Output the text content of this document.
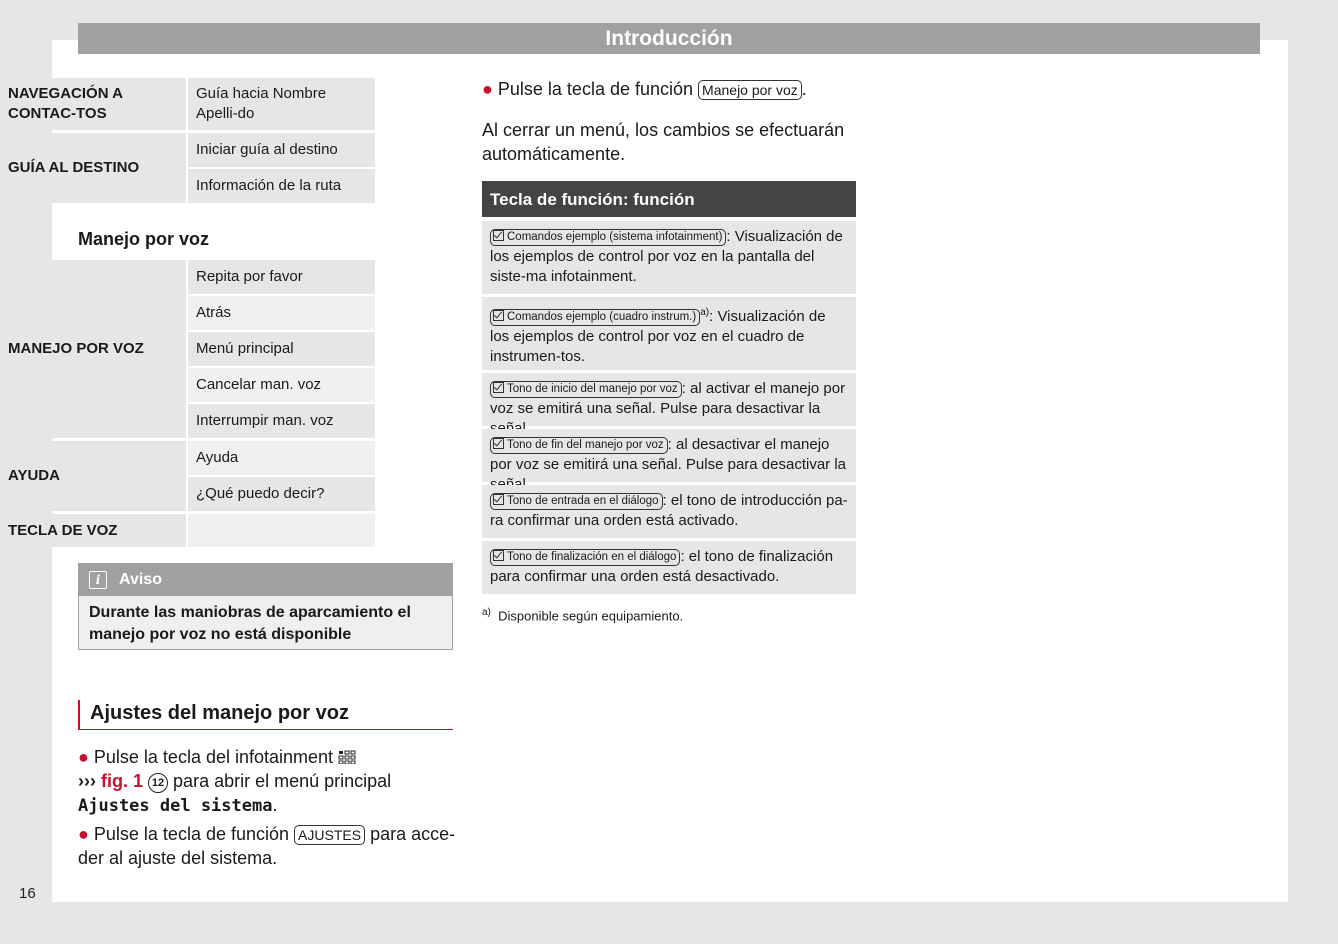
Introducción
NAVEGACIÓN A CONTAC-TOS
Guía hacia Nombre Apelli-do
GUÍA AL DESTINO
Iniciar guía al destino
Información de la ruta
Manejo por voz
MANEJO POR VOZ
Repita por favor
Atrás
Menú principal
Cancelar man. voz
Interrumpir man. voz
AYUDA
Ayuda
¿Qué puedo decir?
TECLA DE VOZ
i	Aviso
Durante las maniobras de aparcamiento el manejo por voz no está disponible
Ajustes del manejo por voz
● Pulse la tecla del infotainment
››› fig. 1 12 para abrir el menú principal
Ajustes del sistema.
● Pulse la tecla de función AJUSTES para acce-der al ajuste del sistema.
16
● Pulse la tecla de función Manejo por voz .
Al cerrar un menú, los cambios se efectuarán automáticamente.
Tecla de función: función
Comandos ejemplo (sistema infotainment) : Visualización de los ejemplos de control por voz en la pantalla del siste-ma infotainment.
Comandos ejemplo (cuadro instrum.) $^{a)}$: Visualización de los ejemplos de control por voz en el cuadro de instrumen-tos.
Tono de inicio del manejo por voz : al activar el manejo por voz se emitirá una señal. Pulse para desactivar la
Tono de fin del manejo por voz : al desactivar el manejo por voz se emitirá una señal. Pulse para desactivar la
Tono de entrada en el diálogo : el tono de introducción pa-ra confirmar una orden está activado.
Tono de finalización en el diálogo : el tono de finalización para confirmar una orden está desactivado.
$^{a)}$ Disponible según equipamiento.
